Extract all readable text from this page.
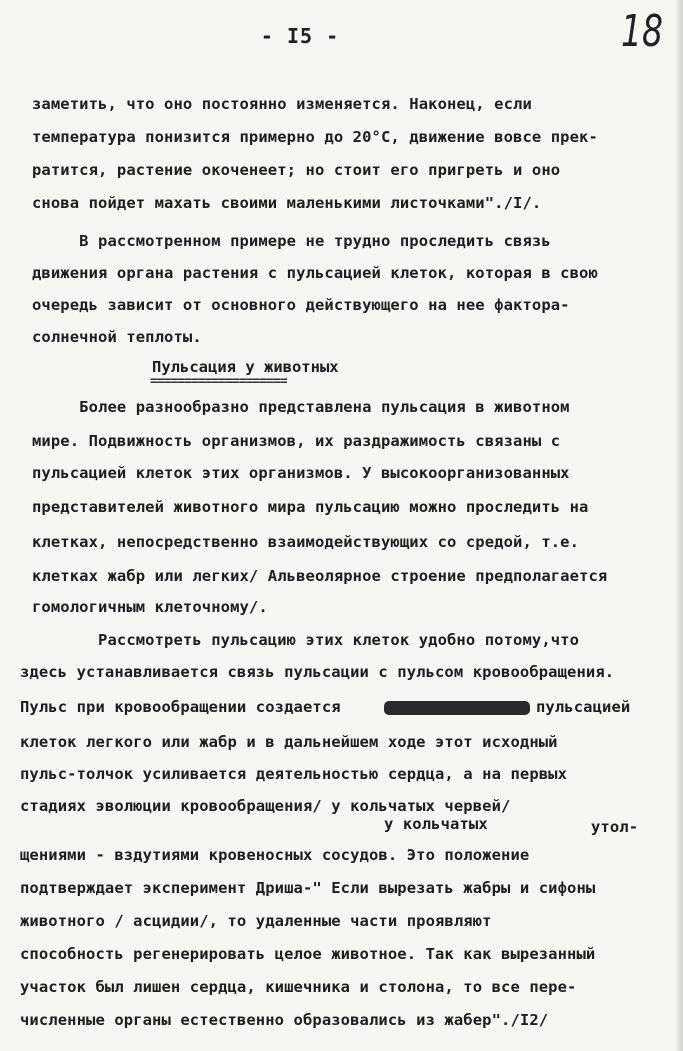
- I5 -	18
заметить, что оно постоянно изменяется. Наконец, если
температура понизится примерно до 20°С, движение вовсе прек-
ратится, растение окоченеет; но стоит его пригреть и оно
снова пойдет махать своими маленькими листочками"./I/.
В рассмотренном примере не трудно проследить связь
движения органа растения с пульсацией клеток, которая в свою
очередь зависит от основного действующего на нее фактора-
солнечной теплоты.
Пульсация у животных
====================
Более разнообразно представлена пульсация в животном
мире. Подвижность организмов, их раздражимость связаны с
пульсацией клеток этих организмов. У высокоорганизованных
представителей животного мира пульсацию можно проследить на
клетках, непосредственно взаимодействующих со средой, т.е.
клетках жабр или легких/ Альвеолярное строение предполагается
гомологичным клеточному/.
Рассмотреть пульсацию этих клеток удобно потому,что
здесь устанавливается связь пульсации с пульсом кровообращения.
Пульс при кровообращении создается	пульсацией
клеток легкого или жабр и в дальнейшем ходе этот исходный
пульс-толчок усиливается деятельностью сердца, а на первых
стадиях эволюции кровообращения/ у кольчатых червей/
у кольчатых	утол-
щениями - вздутиями кровеносных сосудов. Это положение
подтверждает эксперимент Дриша-" Если вырезать жабры и сифоны
животного / асцидии/, то удаленные части проявляют
способность регенерировать целое животное. Так как вырезанный
участок был лишен сердца, кишечника и столона, то все пере-
численные органы естественно образовались из жабер"./I2/
